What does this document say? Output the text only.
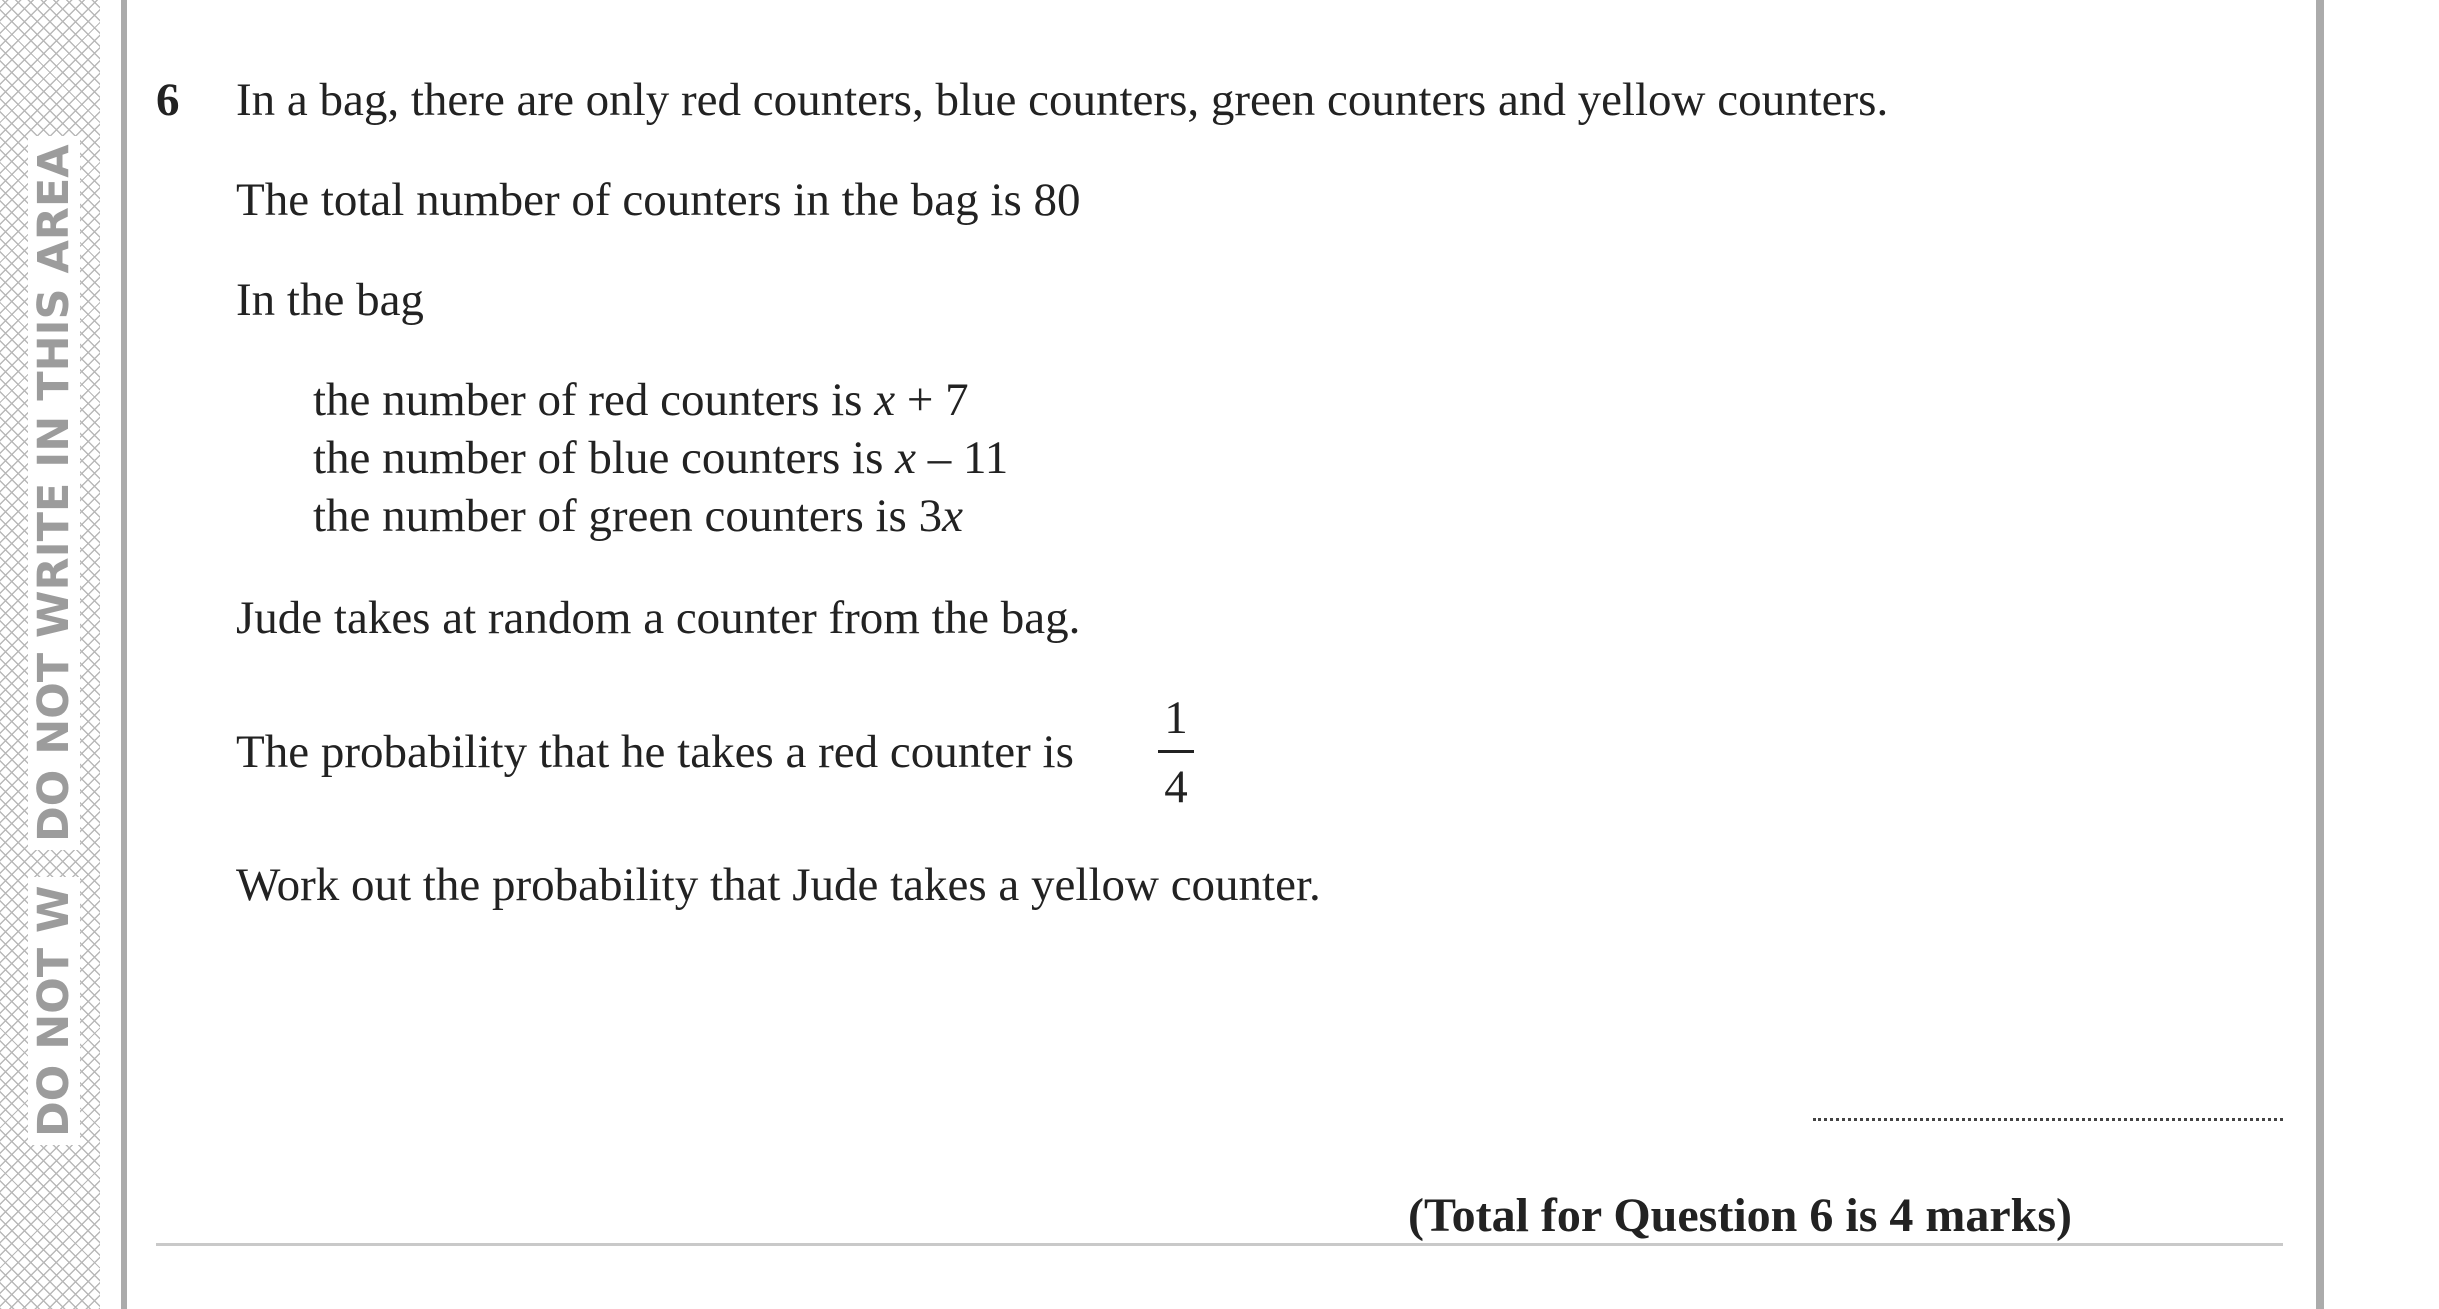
DO NOT W
DO NOT WRITE IN THIS AREA
6 In a bag, there are only red counters, blue counters, green counters and yellow counters.
The total number of counters in the bag is 80
In the bag
the number of red counters is x + 7
the number of blue counters is x – 11
the number of green counters is 3x
Jude takes at random a counter from the bag.
The probability that he takes a red counter is
1
4
Work out the probability that Jude takes a yellow counter.
(Total for Question 6 is 4 marks)
